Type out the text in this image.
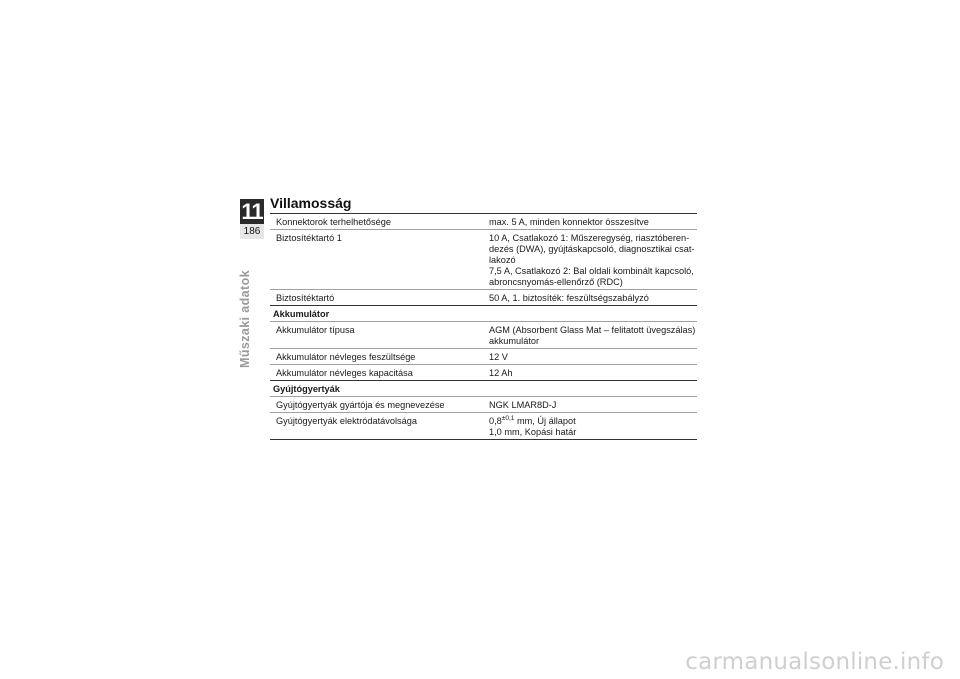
11
186
Műszaki adatok
Villamosság
Konnektorok terhelhetősége	max. 5 A, minden konnektor összesítve

Biztosítéktartó 1	10 A, Csatlakozó 1: Műszeregység, riasztóberen-
dezés (DWA), gyújtáskapcsoló, diagnosztikai csat-
lakozó
7,5 A, Csatlakozó 2: Bal oldali kombinált kapcsoló,
abroncsnyomás-ellenőrző (RDC)

Biztosítéktartó	50 A, 1. biztosíték: feszültségszabályzó

Akkumulátor	
Akkumulátor típusa	AGM (Absorbent Glass Mat – felitatott üvegszálas)
akkumulátor

Akkumulátor névleges feszültsége	12 V

Akkumulátor névleges kapacitása	12 Ah

Gyújtógyertyák	
Gyújtógyertyák gyártója és megnevezése	NGK LMAR8D-J

Gyújtógyertyák elektródatávolsága	$0,8^{\pm 0,1}$ mm, Új állapot
1,0 mm, Kopási határ
carmanualsonline.info
